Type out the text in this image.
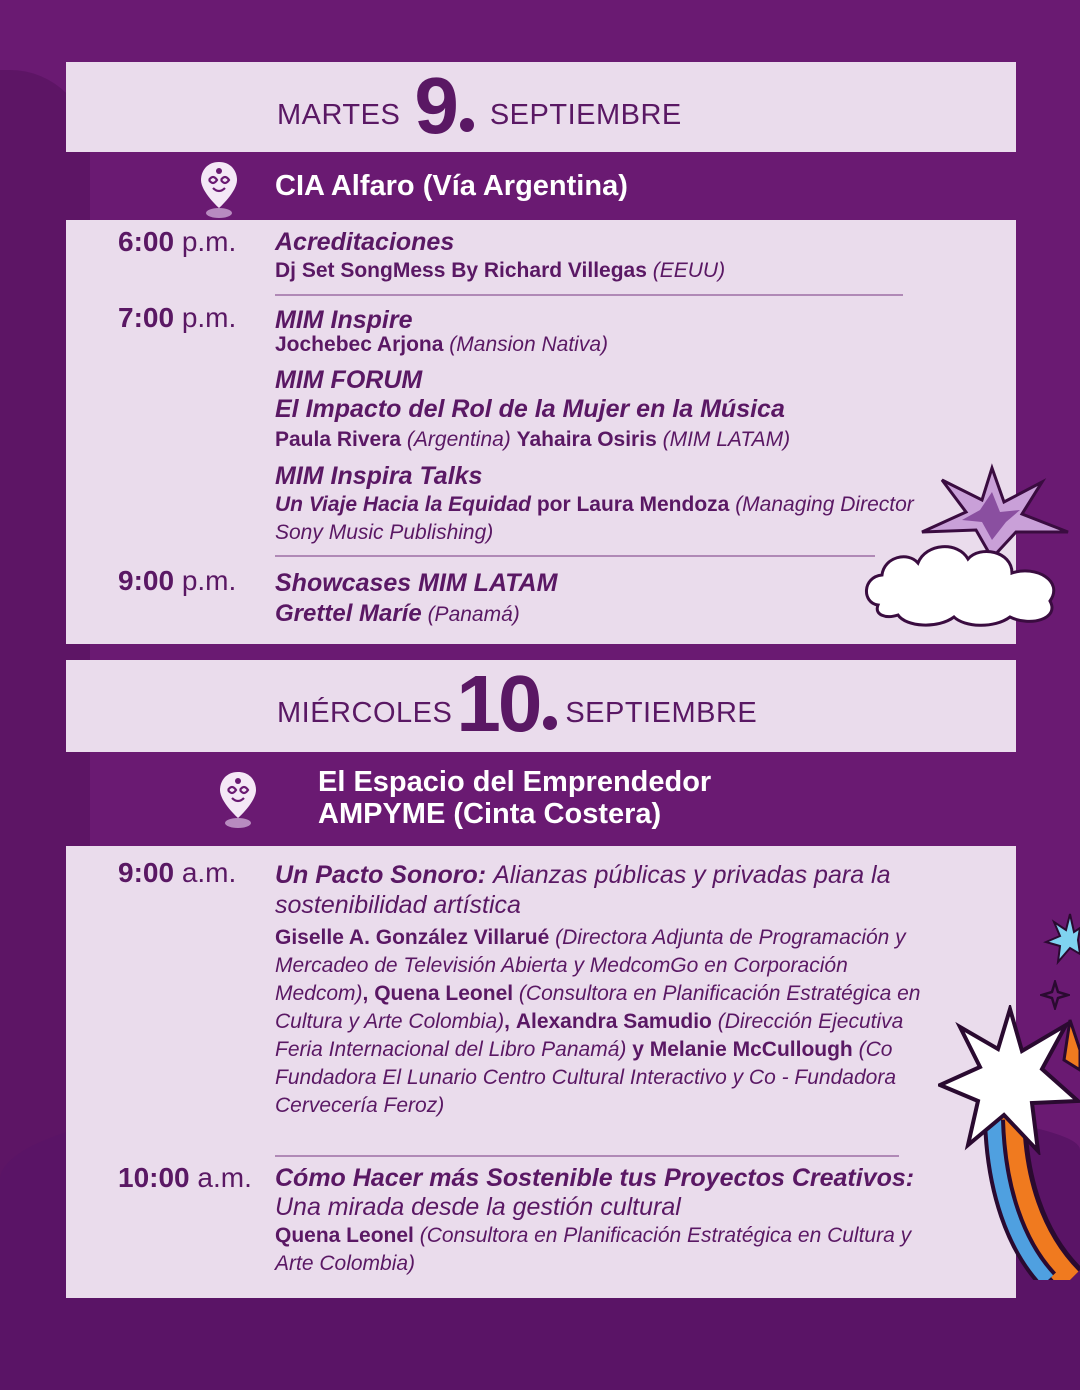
MARTES 9 SEPTIEMBRE
CIA Alfaro (Vía Argentina)
6:00 p.m. Acreditaciones
Dj Set SongMess By Richard Villegas (EEUU)
7:00 p.m. MIM Inspire
Jochebec Arjona (Mansion Nativa)
MIM FORUM
El Impacto del Rol de la Mujer en la Música
Paula Rivera (Argentina) Yahaira Osiris (MIM LATAM)
MIM Inspira Talks
Un Viaje Hacia la Equidad por Laura Mendoza (Managing Director Sony Music Publishing)
9:00 p.m. Showcases MIM LATAM
Grettel Maríe (Panamá)
MIÉRCOLES 10 SEPTIEMBRE
El Espacio del Emprendedor
AMPYME (Cinta Costera)
9:00 a.m. Un Pacto Sonoro: Alianzas públicas y privadas para la sostenibilidad artística
Giselle A. González Villarué (Directora Adjunta de Programación y Mercadeo de Televisión Abierta y MedcomGo en Corporación Medcom), Quena Leonel (Consultora en Planificación Estratégica en Cultura y Arte Colombia), Alexandra Samudio (Dirección Ejecutiva Feria Internacional del Libro Panamá) y Melanie McCullough (Co Fundadora El Lunario Centro Cultural Interactivo y Co - Fundadora Cervecería Feroz)
10:00 a.m. Cómo Hacer más Sostenible tus Proyectos Creativos: Una mirada desde la gestión cultural
Quena Leonel (Consultora en Planificación Estratégica en Cultura y Arte Colombia)
